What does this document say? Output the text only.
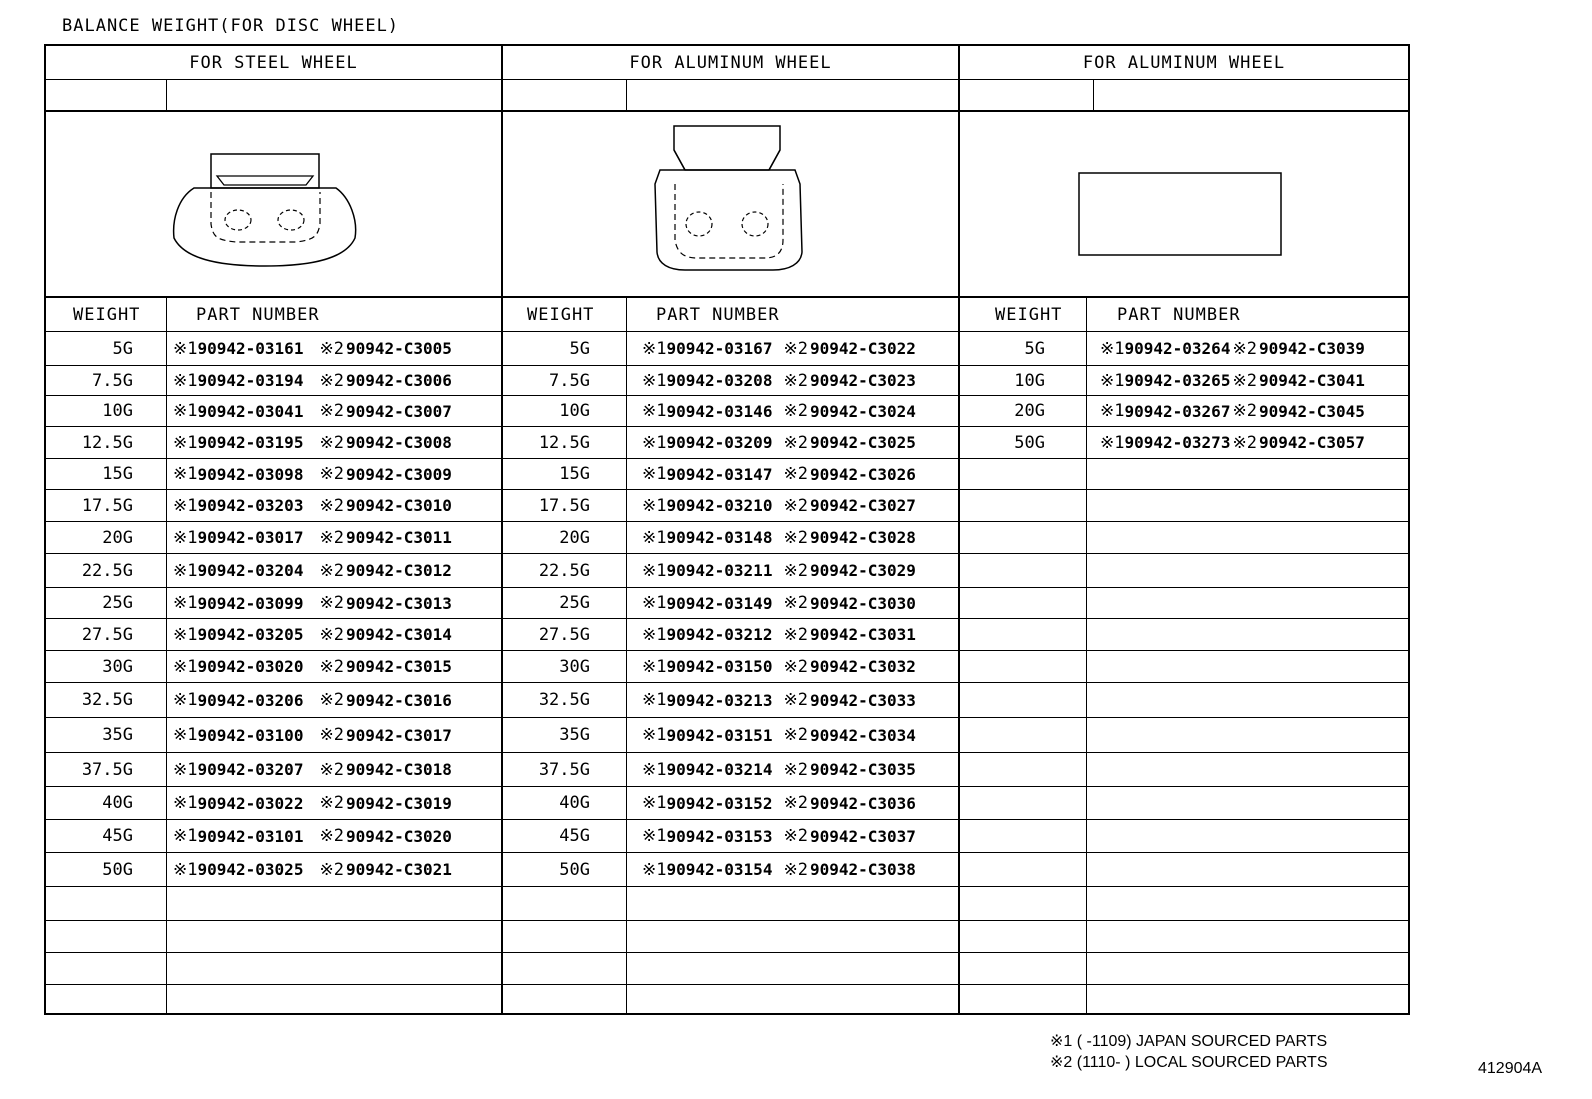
BALANCE WEIGHT(FOR DISC WHEEL)
FOR STEEL WHEEL
WEIGHT	PART NUMBER
5G ※1 90942-03161 ※2 90942-C3005
7.5G ※1 90942-03194 ※2 90942-C3006
10G ※1 90942-03041 ※2 90942-C3007
12.5G ※1 90942-03195 ※2 90942-C3008
15G ※1 90942-03098 ※2 90942-C3009
17.5G ※1 90942-03203 ※2 90942-C3010
20G ※1 90942-03017 ※2 90942-C3011
22.5G ※1 90942-03204 ※2 90942-C3012
25G ※1 90942-03099 ※2 90942-C3013
27.5G ※1 90942-03205 ※2 90942-C3014
30G ※1 90942-03020 ※2 90942-C3015
32.5G ※1 90942-03206 ※2 90942-C3016
35G ※1 90942-03100 ※2 90942-C3017
37.5G ※1 90942-03207 ※2 90942-C3018
40G ※1 90942-03022 ※2 90942-C3019
45G ※1 90942-03101 ※2 90942-C3020
50G ※1 90942-03025 ※2 90942-C3021
FOR ALUMINUM WHEEL
WEIGHT	PART NUMBER
5G	※1 90942-03167 ※2 90942-C3022
7.5G	※1 90942-03208 ※2 90942-C3023
10G	※1 90942-03146 ※2 90942-C3024
12.5G	※1 90942-03209 ※2 90942-C3025
15G	※1 90942-03147 ※2 90942-C3026
17.5G	※1 90942-03210 ※2 90942-C3027
20G	※1 90942-03148 ※2 90942-C3028
22.5G	※1 90942-03211 ※2 90942-C3029
25G	※1 90942-03149 ※2 90942-C3030
27.5G	※1 90942-03212 ※2 90942-C3031
30G	※1 90942-03150 ※2 90942-C3032
32.5G	※1 90942-03213 ※2 90942-C3033
35G	※1 90942-03151 ※2 90942-C3034
37.5G	※1 90942-03214 ※2 90942-C3035
40G	※1 90942-03152 ※2 90942-C3036
45G	※1 90942-03153 ※2 90942-C3037
50G	※1 90942-03154 ※2 90942-C3038
FOR ALUMINUM WHEEL
WEIGHT	PART NUMBER
5G	※1 90942-03264 ※2 90942-C3039
10G	※1 90942-03265 ※2 90942-C3041
20G	※1 90942-03267 ※2 90942-C3045
50G	※1 90942-03273 ※2 90942-C3057
※1 ( -1109) JAPAN SOURCED PARTS
※2 (1110- ) LOCAL SOURCED PARTS	412904A
